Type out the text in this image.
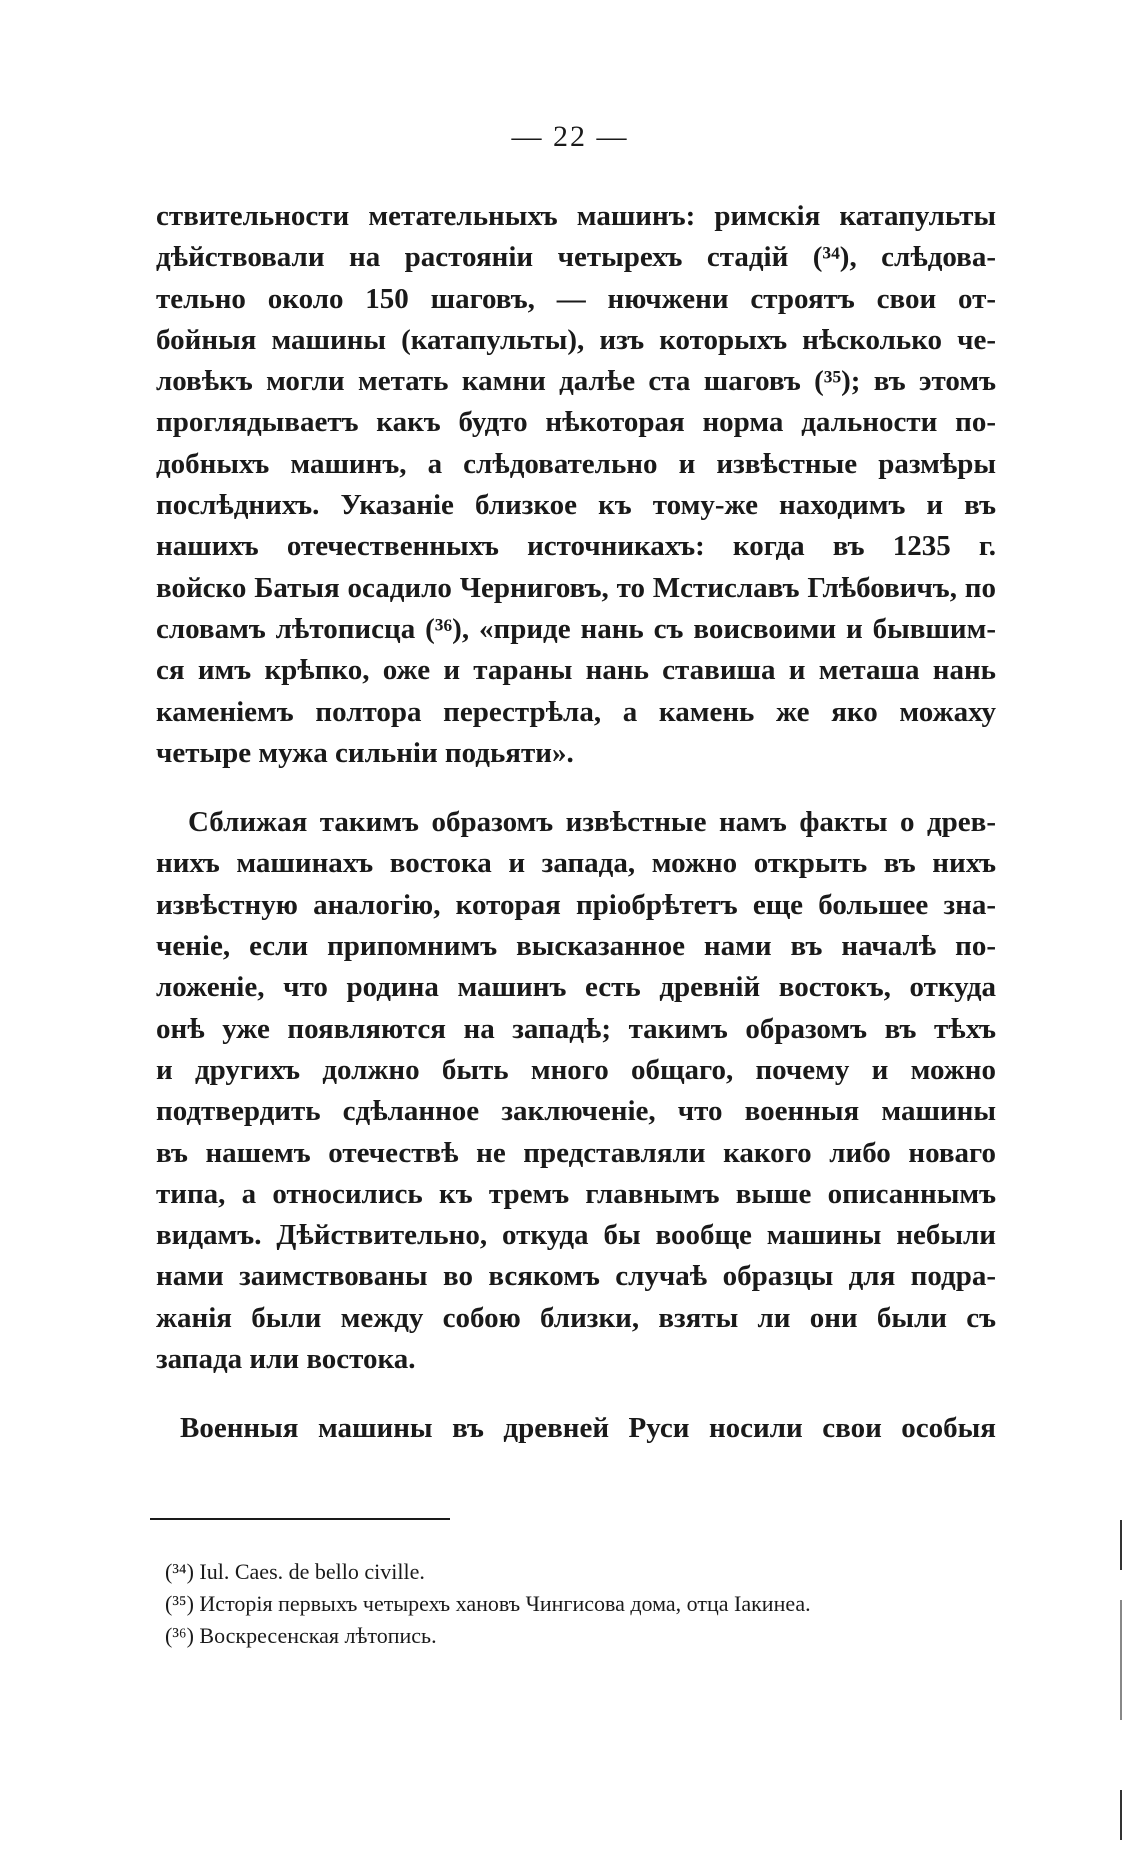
— 22 —

ствительности метательныхъ машинъ: римскія катапульты
дѣйствовали на растояніи четырехъ стадій (³⁴), слѣдова-
тельно около 150 шаговъ, — нючжени строятъ свои от-
бойныя машины (катапульты), изъ которыхъ нѣсколько че-
ловѣкъ могли метать камни далѣе ста шаговъ (³⁵); въ этомъ
проглядываетъ какъ будто нѣкоторая норма дальности по-
добныхъ машинъ, а слѣдовательно и извѣстные размѣры
послѣднихъ. Указаніе близкое къ тому-же находимъ и въ
нашихъ отечественныхъ источникахъ: когда въ 1235 г.
войско Батыя осадило Черниговъ, то Мстиславъ Глѣбовичъ, по
словамъ лѣтописца (³⁶), «приде нань съ воисвоими и бывшим-
ся имъ крѣпко, оже и тараны нань ставиша и меташа нань
каменіемъ полтора перестрѣла, а камень же яко можаху
четыре мужа сильніи подьяти».

Сближая такимъ образомъ извѣстные намъ факты о древ-
нихъ машинахъ востока и запада, можно открыть въ нихъ
извѣстную аналогію, которая пріобрѣтетъ еще большее зна-
ченіе, если припомнимъ высказанное нами въ началѣ по-
ложеніе, что родина машинъ есть древній востокъ, откуда
онѣ уже появляются на западѣ; такимъ образомъ въ тѣхъ
и другихъ должно быть много общаго, почему и можно
подтвердить сдѣланное заключеніе, что военныя машины
въ нашемъ отечествѣ не представляли какого либо новаго
типа, а относились къ тремъ главнымъ выше описаннымъ
видамъ. Дѣйствительно, откуда бы вообще машины небыли
нами заимствованы во всякомъ случаѣ образцы для подра-
жанія были между собою близки, взяты ли они были съ
запада или востока.

Военныя машины въ древней Руси носили свои особыя

(³⁴) Iul. Caes. de bello civille.
(³⁵) Исторія первыхъ четырехъ хановъ Чингисова дома, отца Іакинеа.
(³⁶) Воскресенская лѣтопись.
